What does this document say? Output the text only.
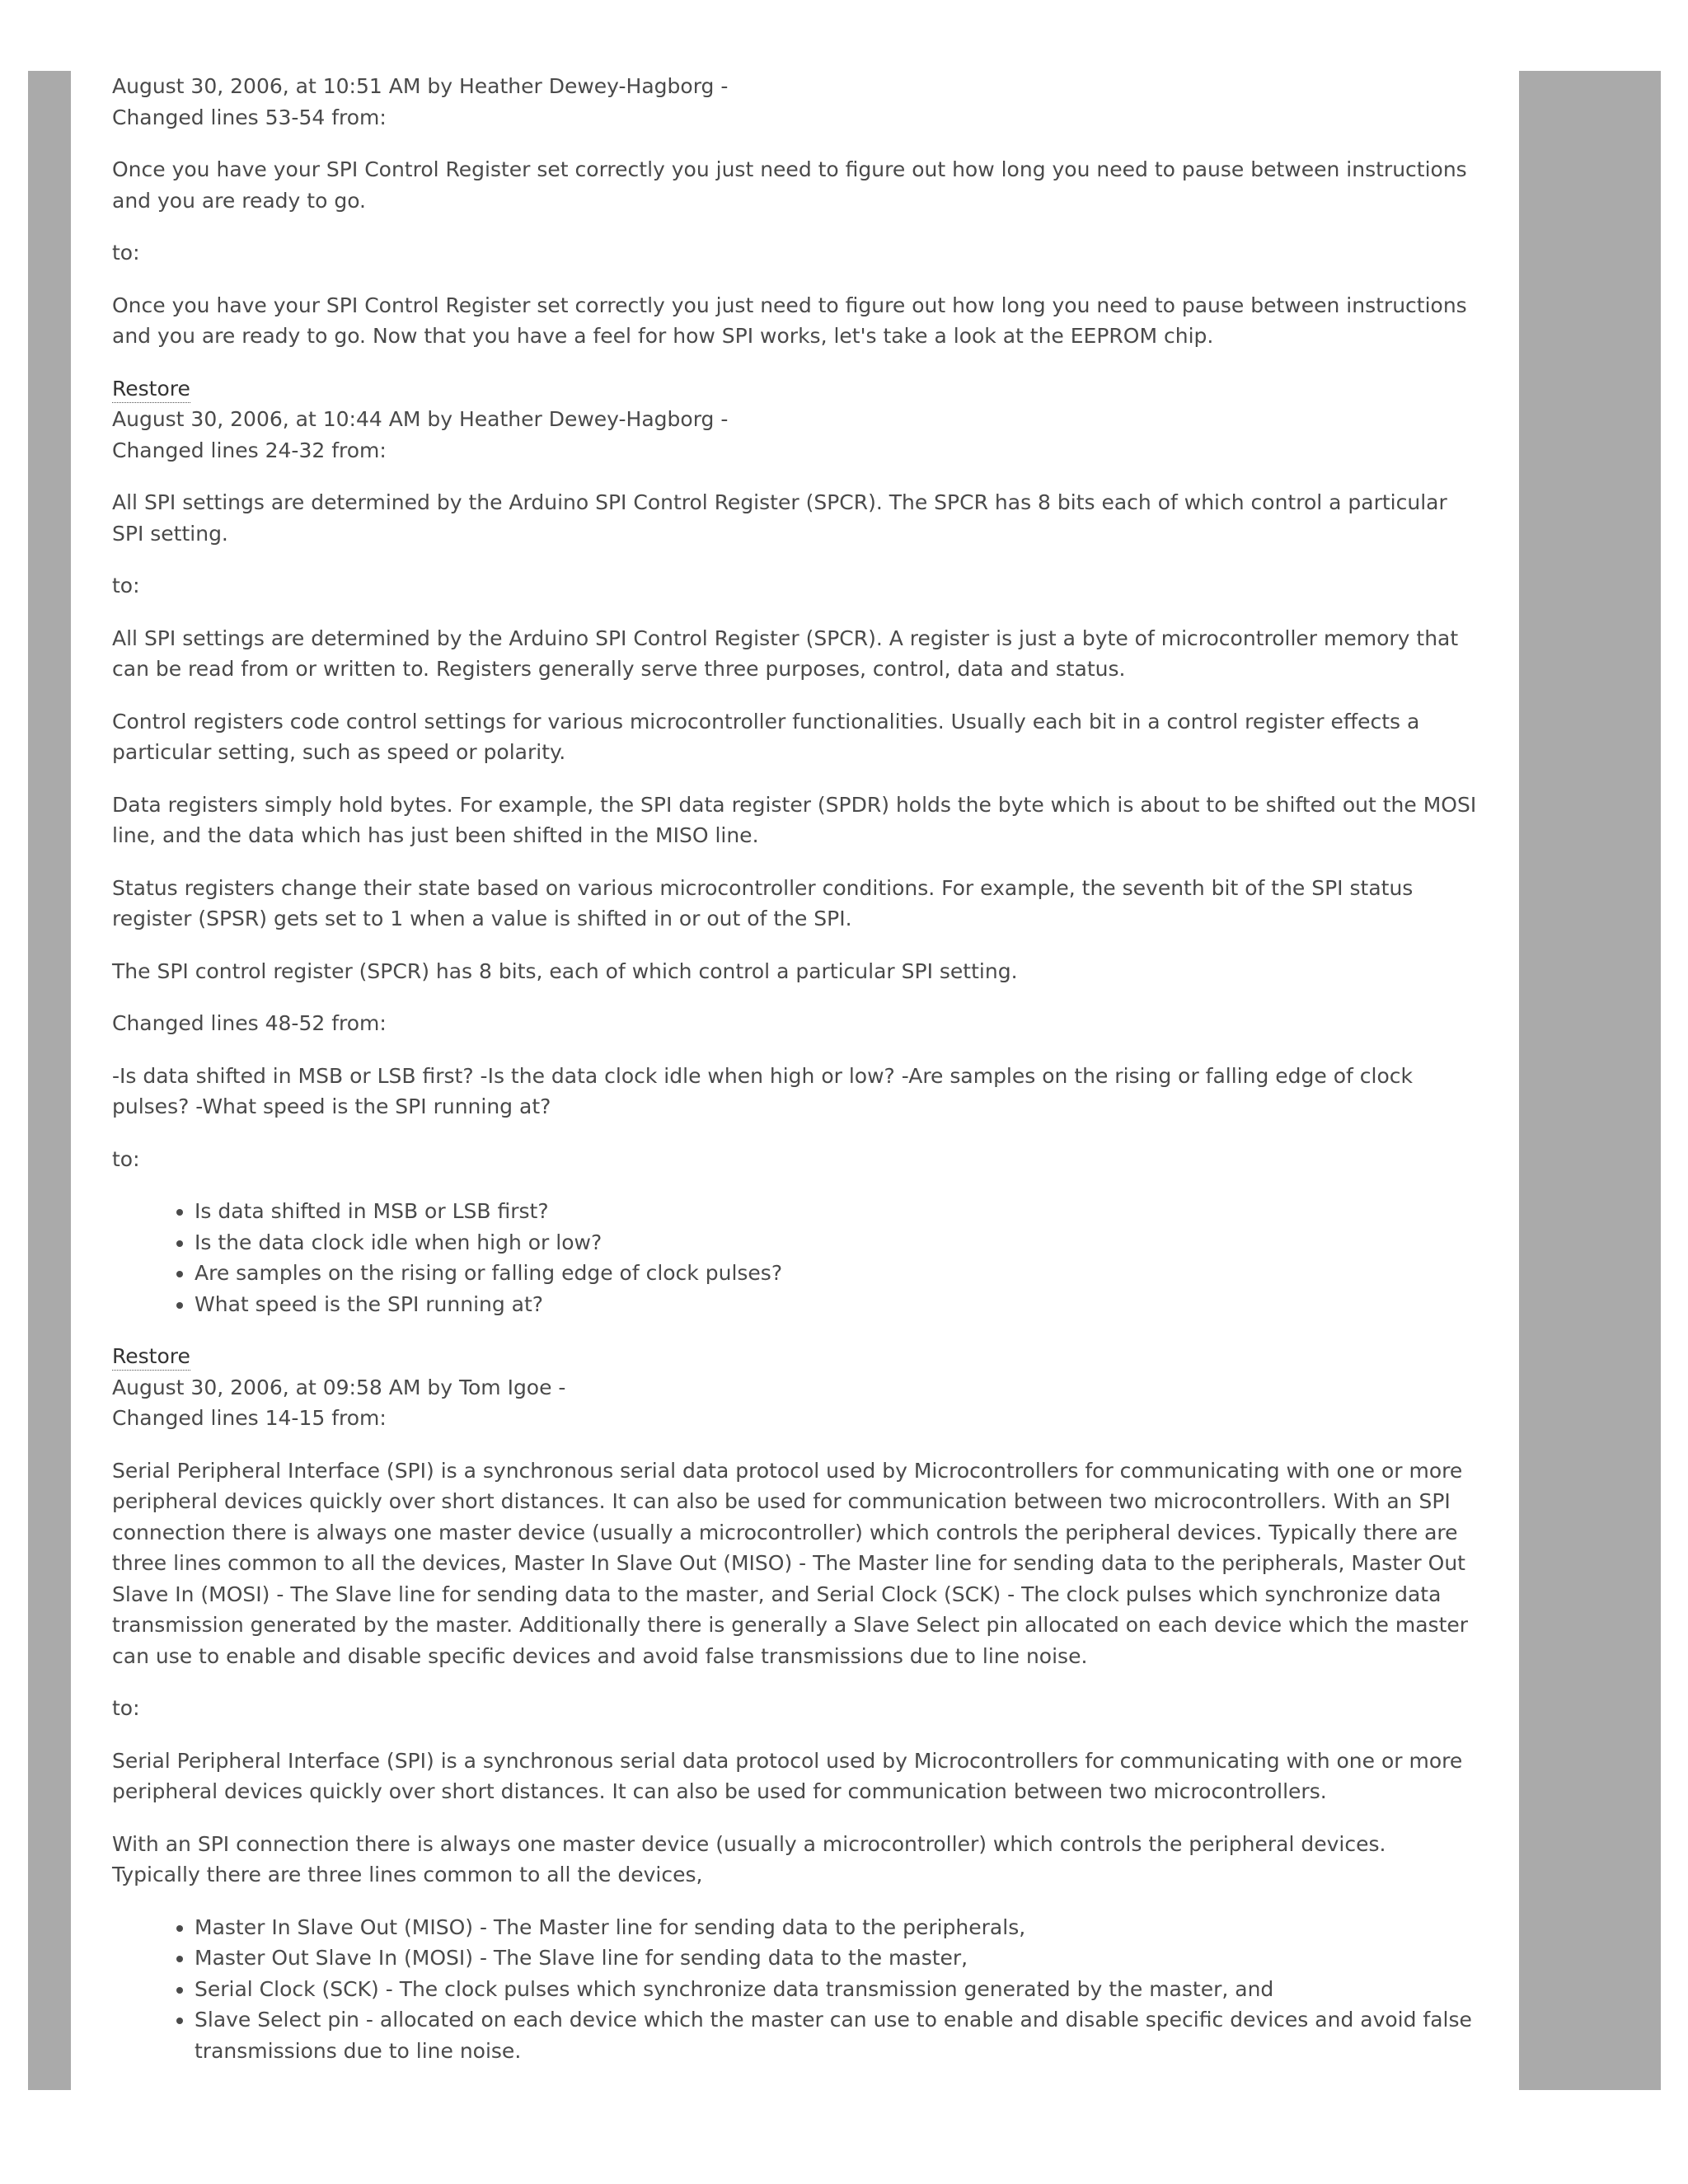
August 30, 2006, at 10:51 AM by Heather Dewey-Hagborg -
Changed lines 53-54 from:

Once you have your SPI Control Register set correctly you just need to figure out how long you need to pause between instructions and you are ready to go.

to:

Once you have your SPI Control Register set correctly you just need to figure out how long you need to pause between instructions and you are ready to go. Now that you have a feel for how SPI works, let's take a look at the EEPROM chip.

Restore
August 30, 2006, at 10:44 AM by Heather Dewey-Hagborg -
Changed lines 24-32 from:

All SPI settings are determined by the Arduino SPI Control Register (SPCR). The SPCR has 8 bits each of which control a particular SPI setting.

to:

All SPI settings are determined by the Arduino SPI Control Register (SPCR). A register is just a byte of microcontroller memory that can be read from or written to. Registers generally serve three purposes, control, data and status.

Control registers code control settings for various microcontroller functionalities. Usually each bit in a control register effects a particular setting, such as speed or polarity.

Data registers simply hold bytes. For example, the SPI data register (SPDR) holds the byte which is about to be shifted out the MOSI line, and the data which has just been shifted in the MISO line.

Status registers change their state based on various microcontroller conditions. For example, the seventh bit of the SPI status register (SPSR) gets set to 1 when a value is shifted in or out of the SPI.

The SPI control register (SPCR) has 8 bits, each of which control a particular SPI setting.

Changed lines 48-52 from:

-Is data shifted in MSB or LSB first? -Is the data clock idle when high or low? -Are samples on the rising or falling edge of clock pulses? -What speed is the SPI running at?

to:

• Is data shifted in MSB or LSB first?
• Is the data clock idle when high or low?
• Are samples on the rising or falling edge of clock pulses?
• What speed is the SPI running at?
Restore
August 30, 2006, at 09:58 AM by Tom Igoe -
Changed lines 14-15 from:

Serial Peripheral Interface (SPI) is a synchronous serial data protocol used by Microcontrollers for communicating with one or more peripheral devices quickly over short distances. It can also be used for communication between two microcontrollers. With an SPI connection there is always one master device (usually a microcontroller) which controls the peripheral devices. Typically there are three lines common to all the devices, Master In Slave Out (MISO) - The Master line for sending data to the peripherals, Master Out Slave In (MOSI) - The Slave line for sending data to the master, and Serial Clock (SCK) - The clock pulses which synchronize data transmission generated by the master. Additionally there is generally a Slave Select pin allocated on each device which the master can use to enable and disable specific devices and avoid false transmissions due to line noise.

to:

Serial Peripheral Interface (SPI) is a synchronous serial data protocol used by Microcontrollers for communicating with one or more peripheral devices quickly over short distances. It can also be used for communication between two microcontrollers.

With an SPI connection there is always one master device (usually a microcontroller) which controls the peripheral devices. Typically there are three lines common to all the devices,

• Master In Slave Out (MISO) - The Master line for sending data to the peripherals,
• Master Out Slave In (MOSI) - The Slave line for sending data to the master,
• Serial Clock (SCK) - The clock pulses which synchronize data transmission generated by the master, and
• Slave Select pin - allocated on each device which the master can use to enable and disable specific devices and avoid false transmissions due to line noise.
